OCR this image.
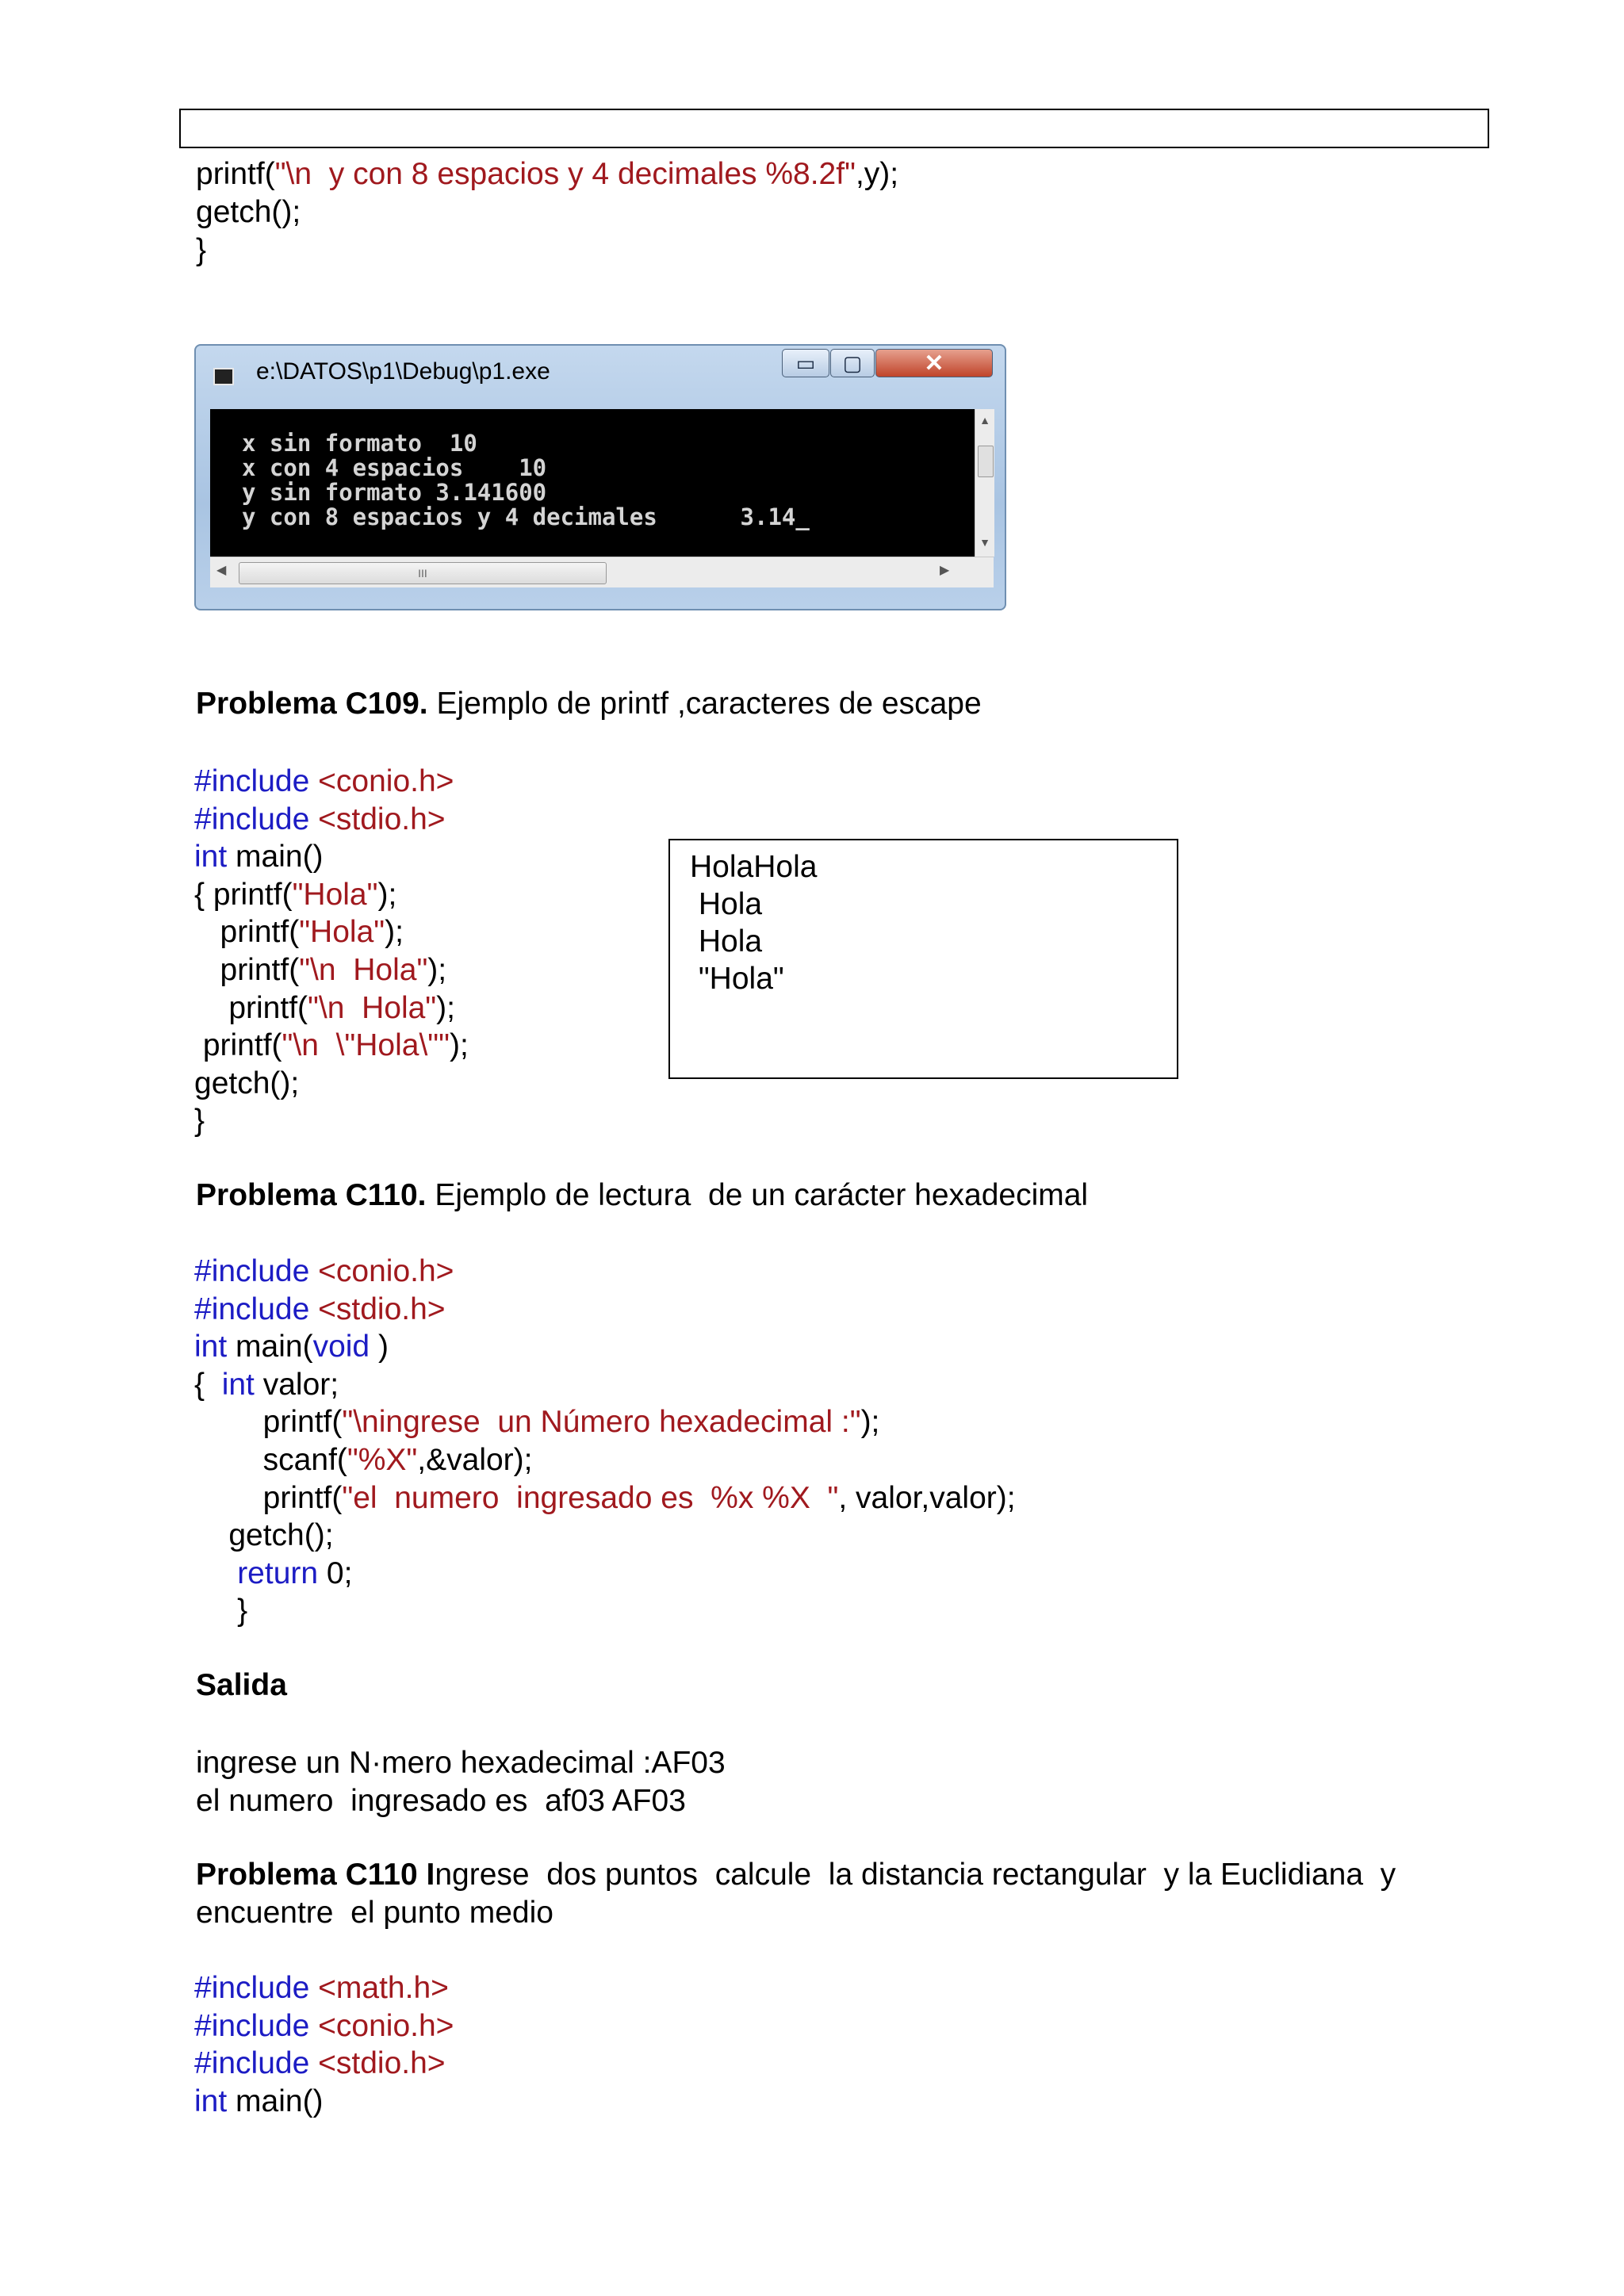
e:\DATOS\p1\Debug\p1.exe	▭ ▢	✕
x sin formato  10
x con 4 espacios    10
y sin formato 3.141600
y con 8 espacios y 4 decimales      3.14_
▲
▼
◀	III	▶
Problema C109. Ejemplo de printf ,caracteres de escape
HolaHola
Hola
Hola
"Hola"
Problema C110. Ejemplo de lectura  de un carácter hexadecimal
Salida
ingrese un N·mero hexadecimal :AF03
el numero  ingresado es  af03 AF03
Problema C110 Ingrese  dos puntos  calcule  la distancia rectangular  y la Euclidiana  y
encuentre  el punto medio
printf("\n  y con 8 espacios y 4 decimales %8.2f",y);
getch();
}
#include <conio.h>
#include <stdio.h>
int main()
{ printf("Hola");
printf("Hola");
printf("\n  Hola");
printf("\n  Hola");
printf("\n  \"Hola\"");
getch();
}
#include <conio.h>
#include <stdio.h>
int main(void )
{  int valor;
printf("\ningrese  un Número hexadecimal :");
scanf("%X",&valor);
printf("el  numero  ingresado es  %x %X  ", valor,valor);
getch();
return 0;
}
#include <math.h>
#include <conio.h>
#include <stdio.h>
int main()
